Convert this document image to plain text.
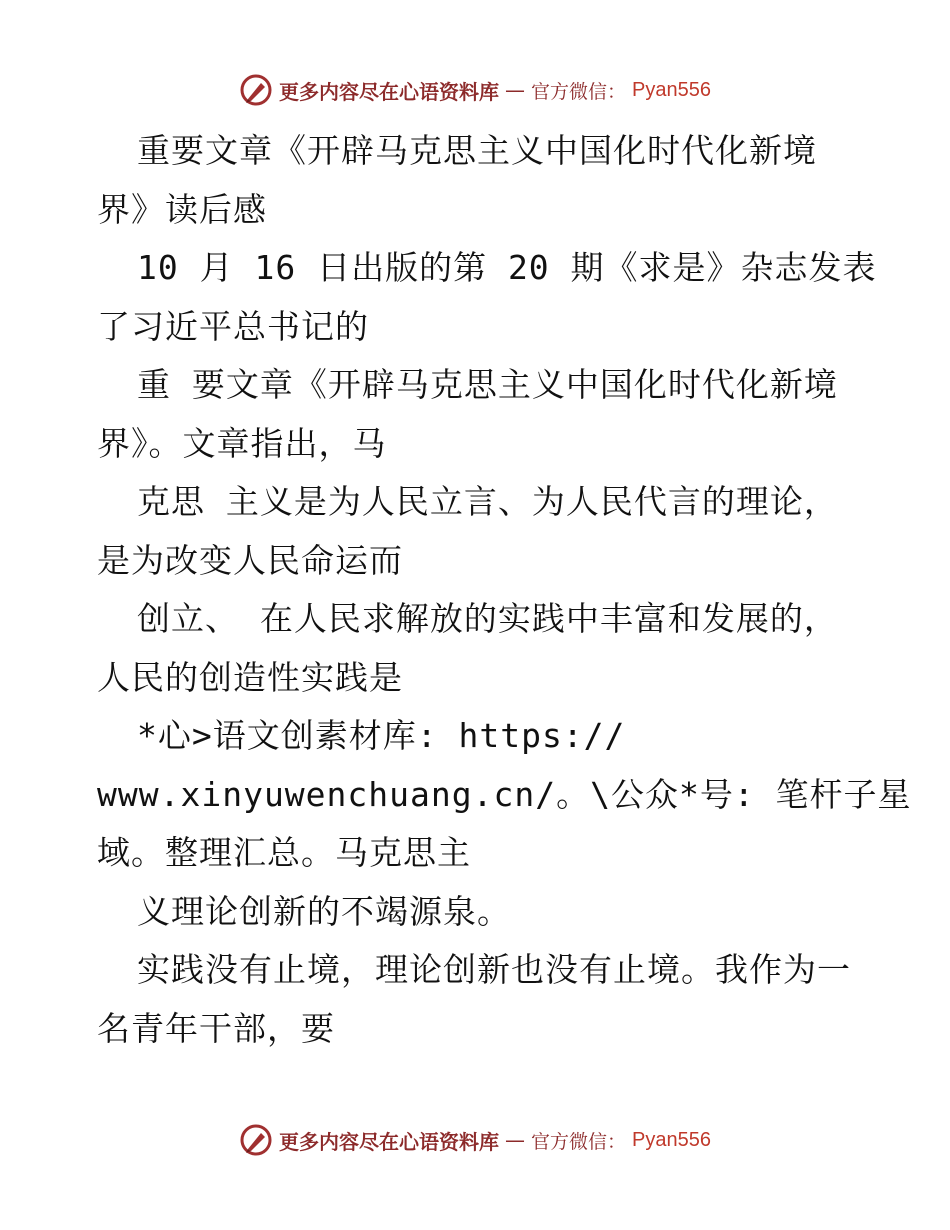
更多内容尽在心语资料库 — 官方微信： Pyan556
重要文章《开辟马克思主义中国化时代化新境
界》读后感
10 月 16 日出版的第 20 期《求是》杂志发表
了习近平总书记的
重 要文章《开辟马克思主义中国化时代化新境
界》。文章指出，马
克思 主义是为人民立言、为人民代言的理论，
是为改变人民命运而
创立、 在人民求解放的实践中丰富和发展的，
人民的创造性实践是
*心>语文创素材库: https://
www.xinyuwenchuang.cn/。\公众*号: 笔杆子星
域。整理汇总。马克思主
义理论创新的不竭源泉。
实践没有止境，理论创新也没有止境。我作为一
名青年干部，要
更多内容尽在心语资料库 — 官方微信： Pyan556
